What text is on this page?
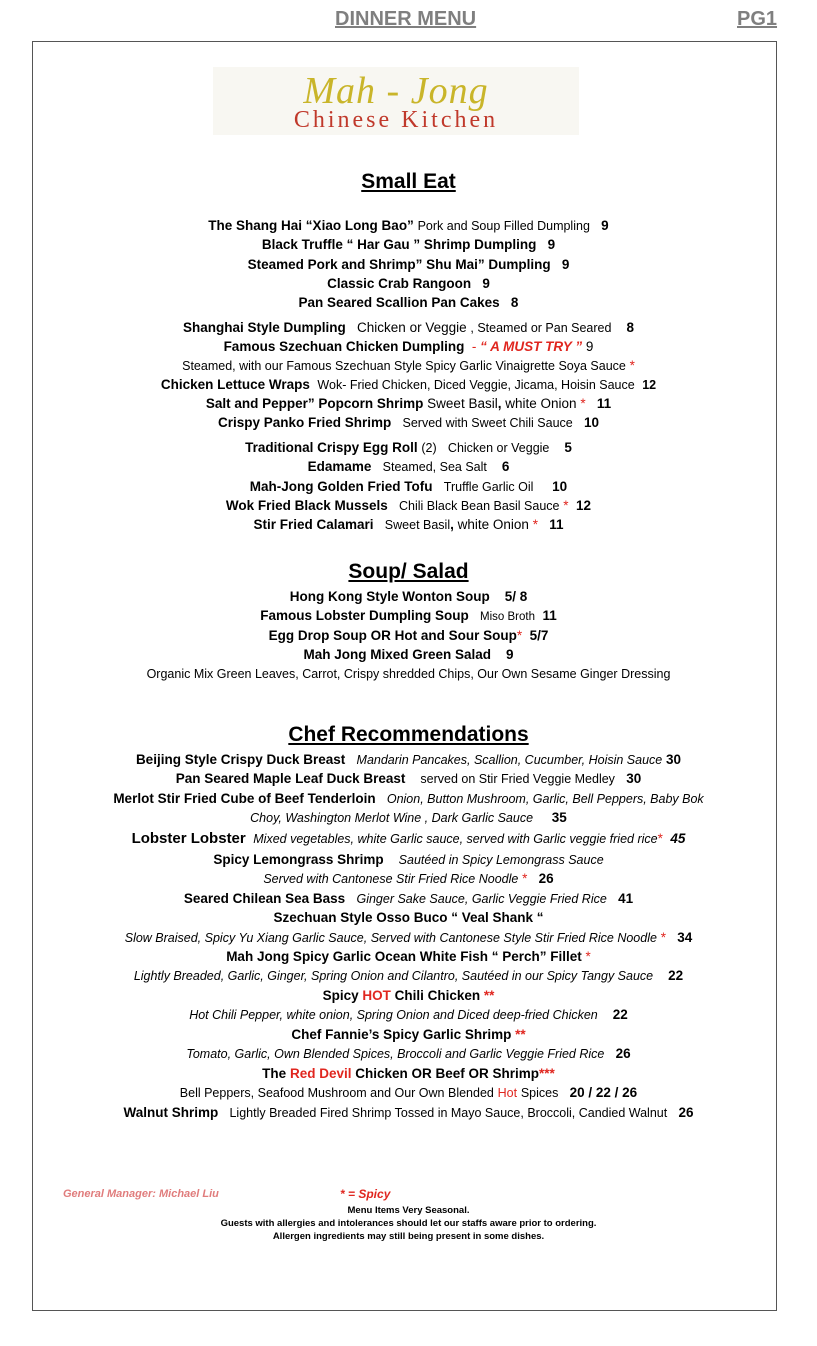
DINNER MENU	PG1
Mah - Jong
Chinese Kitchen
Small Eat
The Shang Hai “Xiao Long Bao” Pork and Soup Filled Dumpling 9
Black Truffle “ Har Gau ” Shrimp Dumpling 9
Steamed Pork and Shrimp” Shu Mai” Dumpling 9
Classic Crab Rangoon 9
Pan Seared Scallion Pan Cakes 8
Shanghai Style Dumpling Chicken or Veggie , Steamed or Pan Seared 8
Famous Szechuan Chicken Dumpling - “ A MUST TRY ” 9
Steamed, with our Famous Szechuan Style Spicy Garlic Vinaigrette Soya Sauce *
Chicken Lettuce Wraps Wok- Fried Chicken, Diced Veggie, Jicama, Hoisin Sauce 12
Salt and Pepper” Popcorn Shrimp Sweet Basil, white Onion * 11
Crispy Panko Fried Shrimp Served with Sweet Chili Sauce 10
Traditional Crispy Egg Roll (2) Chicken or Veggie 5
Edamame Steamed, Sea Salt 6
Mah-Jong Golden Fried Tofu Truffle Garlic Oil 10
Wok Fried Black Mussels Chili Black Bean Basil Sauce * 12
Stir Fried Calamari Sweet Basil, white Onion * 11
Soup/ Salad
Hong Kong Style Wonton Soup 5/ 8
Famous Lobster Dumpling Soup Miso Broth 11
Egg Drop Soup OR Hot and Sour Soup* 5/7
Mah Jong Mixed Green Salad 9
Organic Mix Green Leaves, Carrot, Crispy shredded Chips, Our Own Sesame Ginger Dressing
Chef Recommendations
Beijing Style Crispy Duck Breast Mandarin Pancakes, Scallion, Cucumber, Hoisin Sauce 30
Pan Seared Maple Leaf Duck Breast served on Stir Fried Veggie Medley 30
Merlot Stir Fried Cube of Beef Tenderloin Onion, Button Mushroom, Garlic, Bell Peppers, Baby Bok
Choy, Washington Merlot Wine , Dark Garlic Sauce 35
Lobster Lobster Mixed vegetables, white Garlic sauce, served with Garlic veggie fried rice* 45
Spicy Lemongrass Shrimp Sautéed in Spicy Lemongrass Sauce
Served with Cantonese Stir Fried Rice Noodle * 26
Seared Chilean Sea Bass Ginger Sake Sauce, Garlic Veggie Fried Rice 41
Szechuan Style Osso Buco “ Veal Shank “
Slow Braised, Spicy Yu Xiang Garlic Sauce, Served with Cantonese Style Stir Fried Rice Noodle * 34
Mah Jong Spicy Garlic Ocean White Fish “ Perch” Fillet *
Lightly Breaded, Garlic, Ginger, Spring Onion and Cilantro, Sautéed in our Spicy Tangy Sauce 22
Spicy HOT Chili Chicken **
Hot Chili Pepper, white onion, Spring Onion and Diced deep-fried Chicken 22
Chef Fannie’s Spicy Garlic Shrimp **
Tomato, Garlic, Own Blended Spices, Broccoli and Garlic Veggie Fried Rice 26
The Red Devil Chicken OR Beef OR Shrimp***
Bell Peppers, Seafood Mushroom and Our Own Blended Hot Spices 20 / 22 / 26
Walnut Shrimp Lightly Breaded Fired Shrimp Tossed in Mayo Sauce, Broccoli, Candied Walnut 26
General Manager: Michael Liu	* = Spicy
Menu Items Very Seasonal.
Guests with allergies and intolerances should let our staffs aware prior to ordering.
Allergen ingredients may still being present in some dishes.
